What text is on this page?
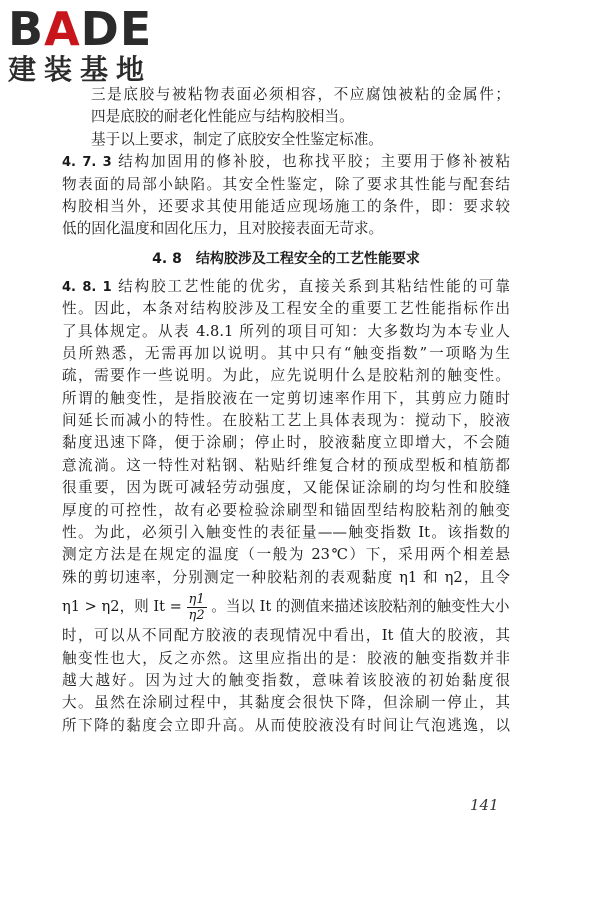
BADE
建装基地
三是底胶与被粘物表面必须相容，不应腐蚀被粘的金属件；
四是底胶的耐老化性能应与结构胶相当。
基于以上要求，制定了底胶安全性鉴定标准。
4. 7. 3 结构加固用的修补胶，也称找平胶；主要用于修补被粘
物表面的局部小缺陷。其安全性鉴定，除了要求其性能与配套结
构胶相当外，还要求其使用能适应现场施工的条件，即：要求较
低的固化温度和固化压力，且对胶接表面无苛求。
4. 8 结构胶涉及工程安全的工艺性能要求
4. 8. 1 结构胶工艺性能的优劣，直接关系到其粘结性能的可靠
性。因此，本条对结构胶涉及工程安全的重要工艺性能指标作出
了具体规定。从表 4.8.1 所列的项目可知：大多数均为本专业人
员所熟悉，无需再加以说明。其中只有“触变指数”一项略为生
疏，需要作一些说明。为此，应先说明什么是胶粘剂的触变性。
所谓的触变性，是指胶液在一定剪切速率作用下，其剪应力随时
间延长而减小的特性。在胶粘工艺上具体表现为：搅动下，胶液
黏度迅速下降，便于涂刷；停止时，胶液黏度立即增大，不会随
意流淌。这一特性对粘钢、粘贴纤维复合材的预成型板和植筋都
很重要，因为既可减轻劳动强度，又能保证涂刷的均匀性和胶缝
厚度的可控性，故有必要检验涂刷型和锚固型结构胶粘剂的触变
性。为此，必须引入触变性的表征量——触变指数 It。该指数的
测定方法是在规定的温度（一般为 23℃）下，采用两个相差悬
殊的剪切速率，分别测定一种胶粘剂的表观黏度 η1 和 η2，且令
η1 > η2，则 $It = \frac{\eta 1}{\eta 2}$ 。当以 It 的测值来描述该胶粘剂的触变性大小
时，可以从不同配方胶液的表现情况中看出，It 值大的胶液，其
触变性也大，反之亦然。这里应指出的是：胶液的触变指数并非
越大越好。因为过大的触变指数，意味着该胶液的初始黏度很
大。虽然在涂刷过程中，其黏度会很快下降，但涂刷一停止，其
所下降的黏度会立即升高。从而使胶液没有时间让气泡逃逸，以
141
